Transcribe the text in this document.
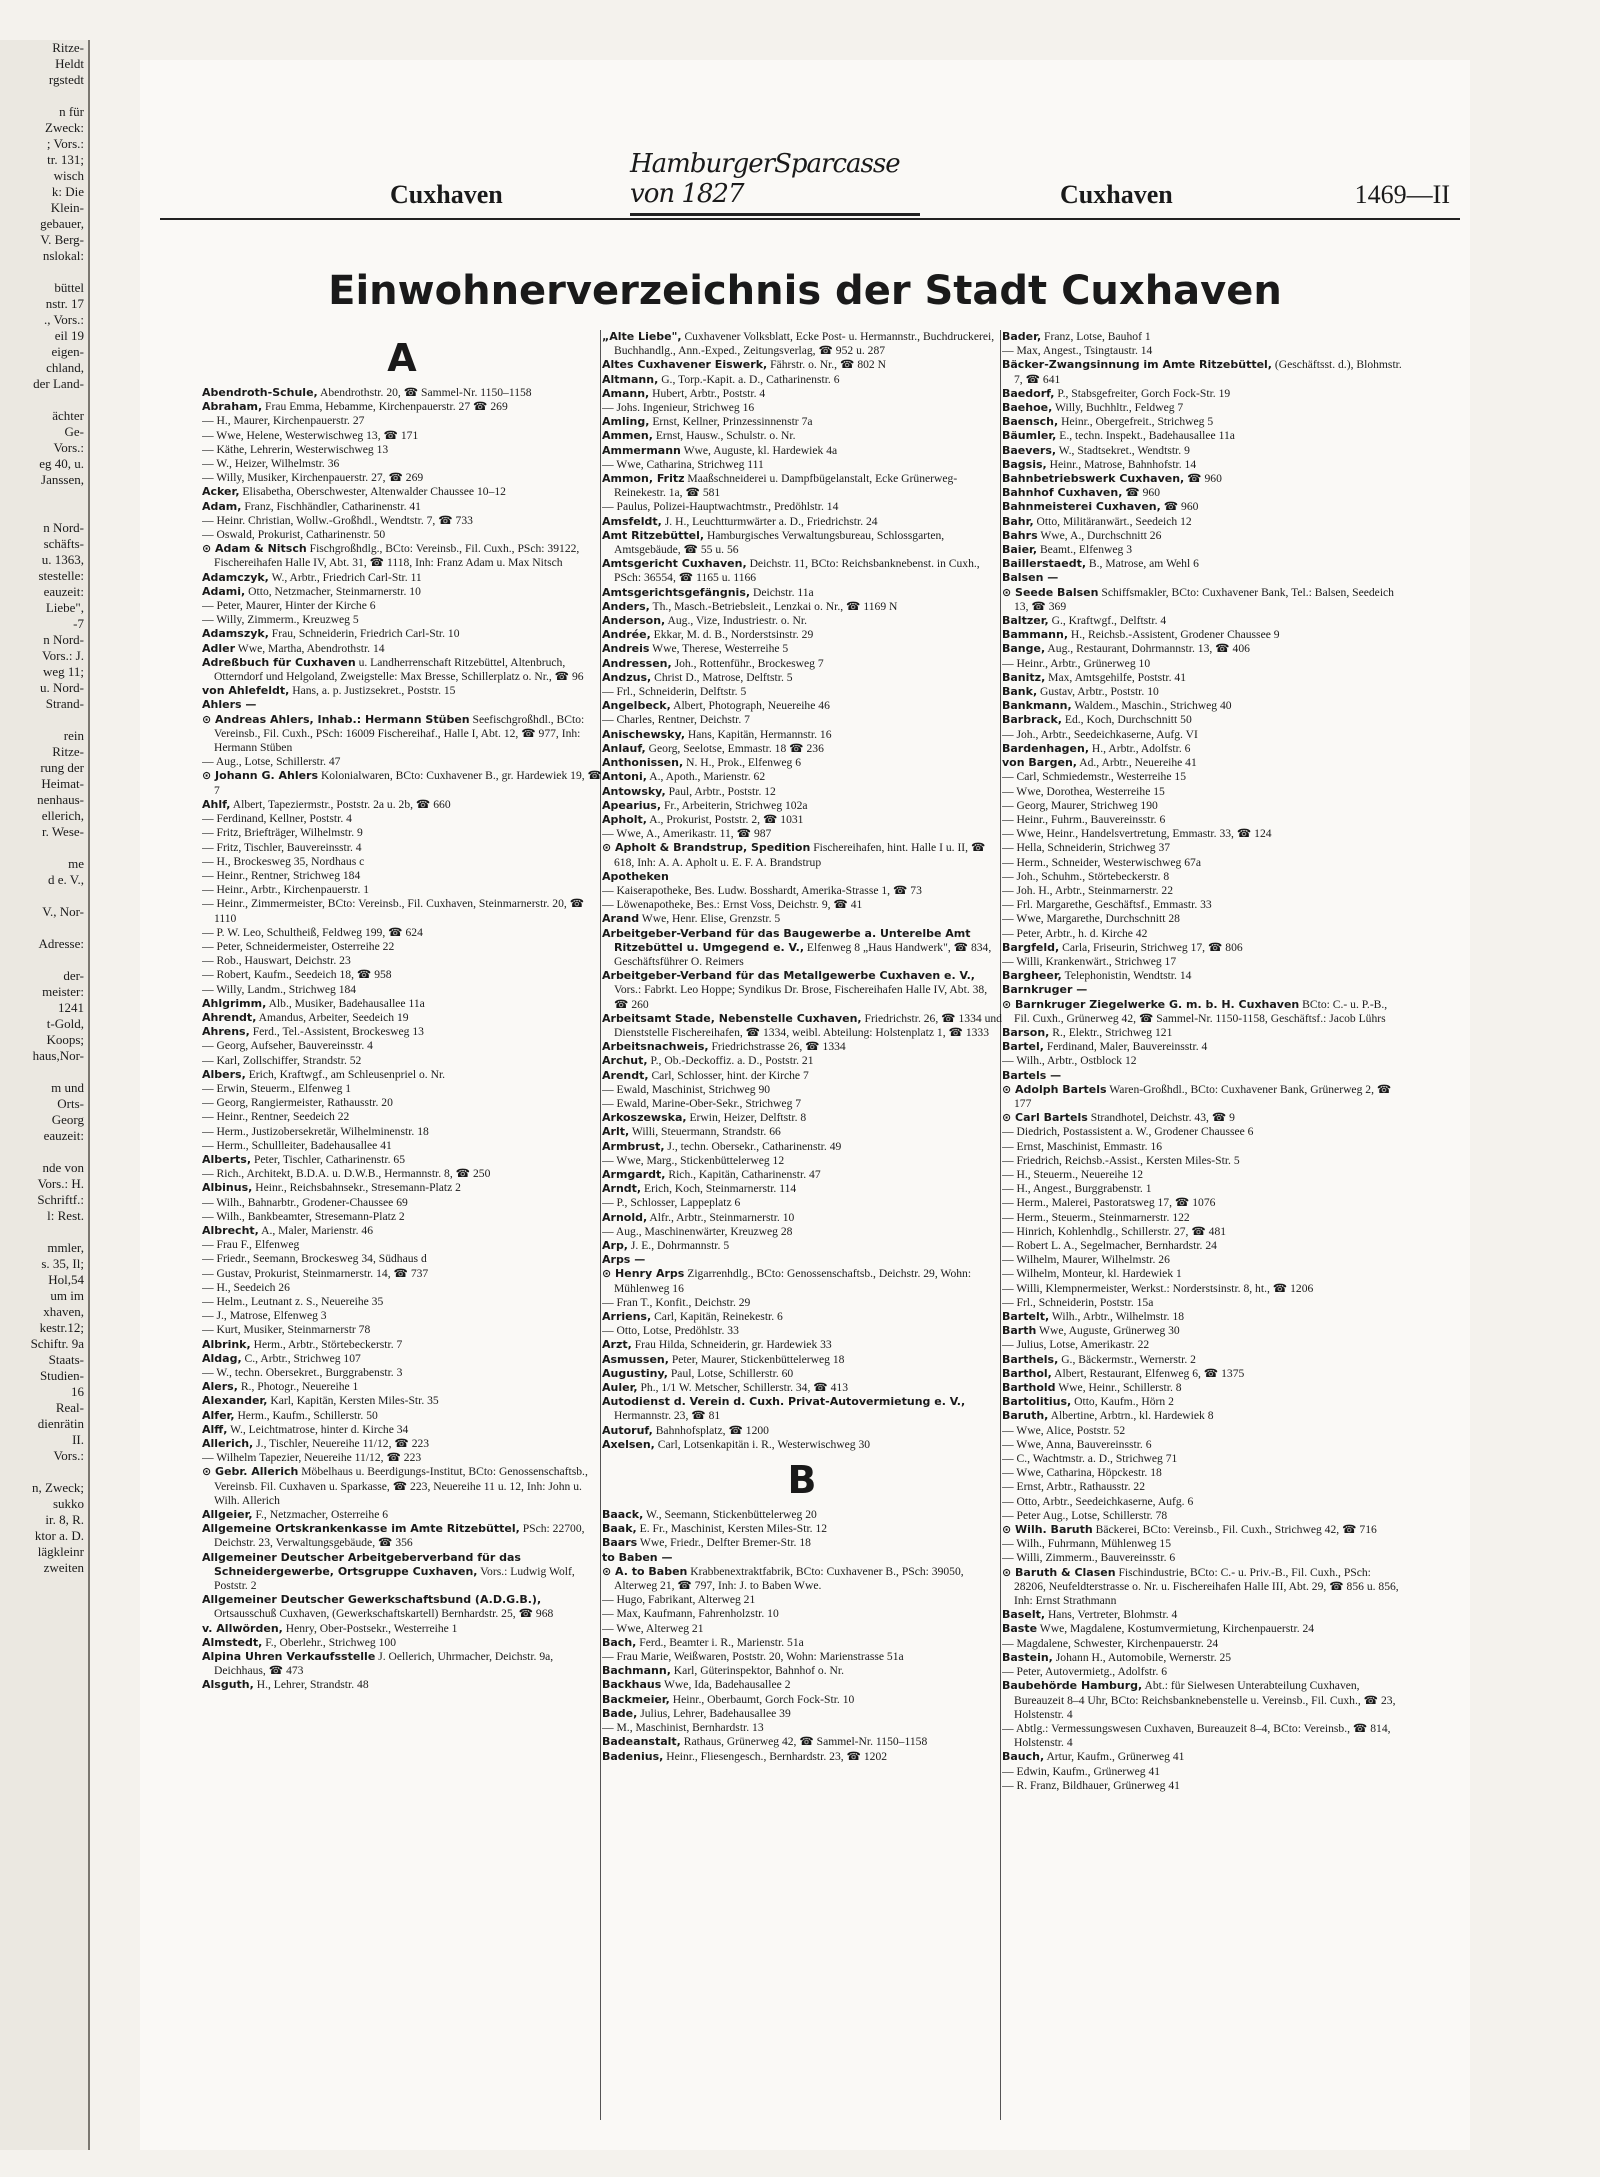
Ritze-
Heldt
rgstedt
n für
Zweck:
; Vors.:
tr. 131;
wisch
k: Die
Klein-
gebauer,
V. Berg-
nslokal:
büttel
nstr. 17
., Vors.:
eil 19
eigen-
chland,
der Land-
ächter
Ge-
Vors.:
eg 40, u.
Janssen,
n Nord-
schäfts-
u. 1363,
stestelle:
eauzeit:
Liebe",
-7
n Nord-
Vors.: J.
weg 11;
u. Nord-
Strand-
rein
Ritze-
rung der
Heimat-
nenhaus-
ellerich,
r. Wese-
me
d e. V.,
V., Nor-
Adresse:
der-
meister:
1241
t-Gold,
Koops;
haus,Nor-
m und
Orts-
Georg
eauzeit:
nde von
Vors.: H.
Schriftf.:
l: Rest.
mmler,
s. 35, Il;
Hol,54
um im
xhaven,
kestr.12;
Schiftr. 9a
Staats-
Studien-
16
Real-
dienrätin
II.
Vors.:
n, Zweck;
sukko
ir. 8, R.
ktor a. D.
lägkleinr
zweiten
Cuxhaven
HamburgerSparcasse von 1827	Cuxhaven	1469—II
Einwohnerverzeichnis der Stadt Cuxhaven
A

Abendroth-Schule, Abendrothstr. 20, ☎ Sammel-Nr. 1150–1158

Abraham, Frau Emma, Hebamme, Kirchenpauerstr. 27 ☎ 269

— H., Maurer, Kirchenpauerstr. 27

— Wwe, Helene, Westerwischweg 13, ☎ 171

— Käthe, Lehrerin, Westerwischweg 13

— W., Heizer, Wilhelmstr. 36

— Willy, Musiker, Kirchenpauerstr. 27, ☎ 269

Acker, Elisabetha, Oberschwester, Altenwalder Chaussee 10–12

Adam, Franz, Fischhändler, Catharinenstr. 41

— Heinr. Christian, Wollw.-Großhdl., Wendtstr. 7, ☎ 733

— Oswald, Prokurist, Catharinenstr. 50

⊙ Adam & Nitsch Fischgroßhdlg., BCto: Vereinsb., Fil. Cuxh., PSch: 39122, Fischereihafen Halle IV, Abt. 31, ☎ 1118, Inh: Franz Adam u. Max Nitsch

Adamczyk, W., Arbtr., Friedrich Carl-Str. 11

Adami, Otto, Netzmacher, Steinmarnerstr. 10

— Peter, Maurer, Hinter der Kirche 6

— Willy, Zimmerm., Kreuzweg 5

Adamszyk, Frau, Schneiderin, Friedrich Carl-Str. 10

Adler Wwe, Martha, Abendrothstr. 14

Adreßbuch für Cuxhaven u. Landherrenschaft Ritzebüttel, Altenbruch, Otterndorf und Helgoland, Zweigstelle: Max Bresse, Schillerplatz o. Nr., ☎ 96

von Ahlefeldt, Hans, a. p. Justizsekret., Poststr. 15

Ahlers —

⊙ Andreas Ahlers, Inhab.: Hermann Stüben Seefischgroßhdl., BCto: Vereinsb., Fil. Cuxh., PSch: 16009 Fischereihaf., Halle I, Abt. 12, ☎ 977, Inh: Hermann Stüben

— Aug., Lotse, Schillerstr. 47

⊙ Johann G. Ahlers Kolonialwaren, BCto: Cuxhavener B., gr. Hardewiek 19, ☎ 7

Ahlf, Albert, Tapeziermstr., Poststr. 2a u. 2b, ☎ 660

— Ferdinand, Kellner, Poststr. 4

— Fritz, Briefträger, Wilhelmstr. 9

— Fritz, Tischler, Bauvereinsstr. 4

— H., Brockesweg 35, Nordhaus c

— Heinr., Rentner, Strichweg 184

— Heinr., Arbtr., Kirchenpauerstr. 1

— Heinr., Zimmermeister, BCto: Vereinsb., Fil. Cuxhaven, Steinmarnerstr. 20, ☎ 1110

— P. W. Leo, Schultheiß, Feldweg 199, ☎ 624

— Peter, Schneidermeister, Osterreihe 22

— Rob., Hauswart, Deichstr. 23

— Robert, Kaufm., Seedeich 18, ☎ 958

— Willy, Landm., Strichweg 184

Ahlgrimm, Alb., Musiker, Badehausallee 11a

Ahrendt, Amandus, Arbeiter, Seedeich 19

Ahrens, Ferd., Tel.-Assistent, Brockesweg 13

— Georg, Aufseher, Bauvereinsstr. 4

— Karl, Zollschiffer, Strandstr. 52

Albers, Erich, Kraftwgf., am Schleusenpriel o. Nr.

— Erwin, Steuerm., Elfenweg 1

— Georg, Rangiermeister, Rathausstr. 20

— Heinr., Rentner, Seedeich 22

— Herm., Justizobersekretär, Wilhelminenstr. 18

— Herm., Schullleiter, Badehausallee 41

Alberts, Peter, Tischler, Catharinenstr. 65

— Rich., Architekt, B.D.A. u. D.W.B., Hermannstr. 8, ☎ 250

Albinus, Heinr., Reichsbahnsekr., Stresemann-Platz 2

— Wilh., Bahnarbtr., Grodener-Chaussee 69

— Wilh., Bankbeamter, Stresemann-Platz 2

Albrecht, A., Maler, Marienstr. 46

— Frau F., Elfenweg

— Friedr., Seemann, Brockesweg 34, Südhaus d

— Gustav, Prokurist, Steinmarnerstr. 14, ☎ 737

— H., Seedeich 26

— Helm., Leutnant z. S., Neuereihe 35

— J., Matrose, Elfenweg 3

— Kurt, Musiker, Steinmarnerstr 78

Albrink, Herm., Arbtr., Störtebeckerstr. 7

Aldag, C., Arbtr., Strichweg 107

— W., techn. Obersekret., Burggrabenstr. 3

Alers, R., Photogr., Neuereihe 1

Alexander, Karl, Kapitän, Kersten Miles-Str. 35

Alfer, Herm., Kaufm., Schillerstr. 50

Alff, W., Leichtmatrose, hinter d. Kirche 34

Allerich, J., Tischler, Neuereihe 11/12, ☎ 223

— Wilhelm Tapezier, Neuereihe 11/12, ☎ 223

⊙ Gebr. Allerich Möbelhaus u. Beerdigungs-Institut, BCto: Genossenschaftsb., Vereinsb. Fil. Cuxhaven u. Sparkasse, ☎ 223, Neuereihe 11 u. 12, Inh: John u. Wilh. Allerich

Allgeier, F., Netzmacher, Osterreihe 6

Allgemeine Ortskrankenkasse im Amte Ritzebüttel, PSch: 22700, Deichstr. 23, Verwaltungsgebäude, ☎ 356

Allgemeiner Deutscher Arbeitgeberverband für das Schneidergewerbe, Ortsgruppe Cuxhaven, Vors.: Ludwig Wolf, Poststr. 2

Allgemeiner Deutscher Gewerkschaftsbund (A.D.G.B.), Ortsausschuß Cuxhaven, (Gewerkschaftskartell) Bernhardstr. 25, ☎ 968

v. Allwörden, Henry, Ober-Postsekr., Westerreihe 1

Almstedt, F., Oberlehr., Strichweg 100

Alpina Uhren Verkaufsstelle J. Oellerich, Uhrmacher, Deichstr. 9a, Deichhaus, ☎ 473

Alsguth, H., Lehrer, Strandstr. 48

„Alte Liebe", Cuxhavener Volksblatt, Ecke Post- u. Hermannstr., Buchdruckerei, Buchhandlg., Ann.-Exped., Zeitungsverlag, ☎ 952 u. 287

Altes Cuxhavener Eiswerk, Fährstr. o. Nr., ☎ 802 N

Altmann, G., Torp.-Kapit. a. D., Catharinenstr. 6

Amann, Hubert, Arbtr., Poststr. 4

— Johs. Ingenieur, Strichweg 16

Amling, Ernst, Kellner, Prinzessinnenstr 7a

Ammen, Ernst, Hausw., Schulstr. o. Nr.

Ammermann Wwe, Auguste, kl. Hardewiek 4a

— Wwe, Catharina, Strichweg 111

Ammon, Fritz Maaßschneiderei u. Dampfbügelanstalt, Ecke Grünerweg-Reinekestr. 1a, ☎ 581

— Paulus, Polizei-Hauptwachtmstr., Predöhlstr. 14

Amsfeldt, J. H., Leuchtturmwärter a. D., Friedrichstr. 24

Amt Ritzebüttel, Hamburgisches Verwaltungsbureau, Schlossgarten, Amtsgebäude, ☎ 55 u. 56

Amtsgericht Cuxhaven, Deichstr. 11, BCto: Reichsbanknebenst. in Cuxh., PSch: 36554, ☎ 1165 u. 1166

Amtsgerichtsgefängnis, Deichstr. 11a

Anders, Th., Masch.-Betriebsleit., Lenzkai o. Nr., ☎ 1169 N

Anderson, Aug., Vize, Industriestr. o. Nr.

Andrée, Ekkar, M. d. B., Norderstsinstr. 29

Andreis Wwe, Therese, Westerreihe 5

Andressen, Joh., Rottenführ., Brockesweg 7

Andzus, Christ D., Matrose, Delftstr. 5

— Frl., Schneiderin, Delftstr. 5

Angelbeck, Albert, Photograph, Neuereihe 46

— Charles, Rentner, Deichstr. 7

Anischewsky, Hans, Kapitän, Hermannstr. 16

Anlauf, Georg, Seelotse, Emmastr. 18 ☎ 236

Anthonissen, N. H., Prok., Elfenweg 6

Antoni, A., Apoth., Marienstr. 62

Antowsky, Paul, Arbtr., Poststr. 12

Apearius, Fr., Arbeiterin, Strichweg 102a

Apholt, A., Prokurist, Poststr. 2, ☎ 1031

— Wwe, A., Amerikastr. 11, ☎ 987

⊙ Apholt & Brandstrup, Spedition Fischereihafen, hint. Halle I u. II, ☎ 618, Inh: A. A. Apholt u. E. F. A. Brandstrup

Apotheken

— Kaiserapotheke, Bes. Ludw. Bosshardt, Amerika-Strasse 1, ☎ 73

— Löwenapotheke, Bes.: Ernst Voss, Deichstr. 9, ☎ 41

Arand Wwe, Henr. Elise, Grenzstr. 5

Arbeitgeber-Verband für das Baugewerbe a. Unterelbe Amt Ritzebüttel u. Umgegend e. V., Elfenweg 8 „Haus Handwerk", ☎ 834, Geschäftsführer O. Reimers

Arbeitgeber-Verband für das Metallgewerbe Cuxhaven e. V., Vors.: Fabrkt. Leo Hoppe; Syndikus Dr. Brose, Fischereihafen Halle IV, Abt. 38, ☎ 260

Arbeitsamt Stade, Nebenstelle Cuxhaven, Friedrichstr. 26, ☎ 1334 und Dienststelle Fischereihafen, ☎ 1334, weibl. Abteilung: Holstenplatz 1, ☎ 1333

Arbeitsnachweis, Friedrichstrasse 26, ☎ 1334

Archut, P., Ob.-Deckoffiz. a. D., Poststr. 21

Arendt, Carl, Schlosser, hint. der Kirche 7

— Ewald, Maschinist, Strichweg 90

— Ewald, Marine-Ober-Sekr., Strichweg 7

Arkoszewska, Erwin, Heizer, Delftstr. 8

Arlt, Willi, Steuermann, Strandstr. 66

Armbrust, J., techn. Obersekr., Catharinenstr. 49

— Wwe, Marg., Stickenbüttelerweg 12

Armgardt, Rich., Kapitän, Catharinenstr. 47

Arndt, Erich, Koch, Steinmarnerstr. 114

— P., Schlosser, Lappeplatz 6

Arnold, Alfr., Arbtr., Steinmarnerstr. 10

— Aug., Maschinenwärter, Kreuzweg 28

Arp, J. E., Dohrmannstr. 5

Arps —

⊙ Henry Arps Zigarrenhdlg., BCto: Genossenschaftsb., Deichstr. 29, Wohn: Mühlenweg 16

— Fran T., Konfit., Deichstr. 29

Arriens, Carl, Kapitän, Reinekestr. 6

— Otto, Lotse, Predöhlstr. 33

Arzt, Frau Hilda, Schneiderin, gr. Hardewiek 33

Asmussen, Peter, Maurer, Stickenbüttelerweg 18

Augustiny, Paul, Lotse, Schillerstr. 60

Auler, Ph., 1/1 W. Metscher, Schillerstr. 34, ☎ 413

Autodienst d. Verein d. Cuxh. Privat-Autovermietung e. V., Hermannstr. 23, ☎ 81

Autoruf, Bahnhofsplatz, ☎ 1200

Axelsen, Carl, Lotsenkapitän i. R., Westerwischweg 30

B

Baack, W., Seemann, Stickenbüttelerweg 20

Baak, E. Fr., Maschinist, Kersten Miles-Str. 12

Baars Wwe, Friedr., Delfter Bremer-Str. 18

to Baben —

⊙ A. to Baben Krabbenextraktfabrik, BCto: Cuxhavener B., PSch: 39050, Alterweg 21, ☎ 797, Inh: J. to Baben Wwe.

— Hugo, Fabrikant, Alterweg 21

— Max, Kaufmann, Fahrenholzstr. 10

— Wwe, Alterweg 21

Bach, Ferd., Beamter i. R., Marienstr. 51a

— Frau Marie, Weißwaren, Poststr. 20, Wohn: Marienstrasse 51a

Bachmann, Karl, Güterinspektor, Bahnhof o. Nr.

Backhaus Wwe, Ida, Badehausallee 2

Backmeier, Heinr., Oberbaumt, Gorch Fock-Str. 10

Bade, Julius, Lehrer, Badehausallee 39

— M., Maschinist, Bernhardstr. 13

Badeanstalt, Rathaus, Grünerweg 42, ☎ Sammel-Nr. 1150–1158

Badenius, Heinr., Fliesengesch., Bernhardstr. 23, ☎ 1202

Bader, Franz, Lotse, Bauhof 1

— Max, Angest., Tsingtaustr. 14

Bäcker-Zwangsinnung im Amte Ritzebüttel, (Geschäftsst. d.), Blohmstr. 7, ☎ 641

Baedorf, P., Stabsgefreiter, Gorch Fock-Str. 19

Baehoe, Willy, Buchhltr., Feldweg 7

Baensch, Heinr., Obergefreit., Strichweg 5

Bäumler, E., techn. Inspekt., Badehausallee 11a

Baevers, W., Stadtsekret., Wendtstr. 9

Bagsis, Heinr., Matrose, Bahnhofstr. 14

Bahnbetriebswerk Cuxhaven, ☎ 960

Bahnhof Cuxhaven, ☎ 960

Bahnmeisterei Cuxhaven, ☎ 960

Bahr, Otto, Militäranwärt., Seedeich 12

Bahrs Wwe, A., Durchschnitt 26

Baier, Beamt., Elfenweg 3

Baillerstaedt, B., Matrose, am Wehl 6

Balsen —

⊙ Seede Balsen Schiffsmakler, BCto: Cuxhavener Bank, Tel.: Balsen, Seedeich 13, ☎ 369

Baltzer, G., Kraftwgf., Delftstr. 4

Bammann, H., Reichsb.-Assistent, Grodener Chaussee 9

Bange, Aug., Restaurant, Dohrmannstr. 13, ☎ 406

— Heinr., Arbtr., Grünerweg 10

Banitz, Max, Amtsgehilfe, Poststr. 41

Bank, Gustav, Arbtr., Poststr. 10

Bankmann, Waldem., Maschin., Strichweg 40

Barbrack, Ed., Koch, Durchschnitt 50

— Joh., Arbtr., Seedeichkaserne, Aufg. VI

Bardenhagen, H., Arbtr., Adolfstr. 6

von Bargen, Ad., Arbtr., Neuereihe 41

— Carl, Schmiedemstr., Westerreihe 15

— Wwe, Dorothea, Westerreihe 15

— Georg, Maurer, Strichweg 190

— Heinr., Fuhrm., Bauvereinsstr. 6

— Wwe, Heinr., Handelsvertretung, Emmastr. 33, ☎ 124

— Hella, Schneiderin, Strichweg 37

— Herm., Schneider, Westerwischweg 67a

— Joh., Schuhm., Störtebeckerstr. 8

— Joh. H., Arbtr., Steinmarnerstr. 22

— Frl. Margarethe, Geschäftsf., Emmastr. 33

— Wwe, Margarethe, Durchschnitt 28

— Peter, Arbtr., h. d. Kirche 42

Bargfeld, Carla, Friseurin, Strichweg 17, ☎ 806

— Willi, Krankenwärt., Strichweg 17

Bargheer, Telephonistin, Wendtstr. 14

Barnkruger —

⊙ Barnkruger Ziegelwerke G. m. b. H. Cuxhaven BCto: C.- u. P.-B., Fil. Cuxh., Grünerweg 42, ☎ Sammel-Nr. 1150-1158, Geschäftsf.: Jacob Lührs

Barson, R., Elektr., Strichweg 121

Bartel, Ferdinand, Maler, Bauvereinsstr. 4

— Wilh., Arbtr., Ostblock 12

Bartels —

⊙ Adolph Bartels Waren-Großhdl., BCto: Cuxhavener Bank, Grünerweg 2, ☎ 177

⊙ Carl Bartels Strandhotel, Deichstr. 43, ☎ 9

— Diedrich, Postassistent a. W., Grodener Chaussee 6

— Ernst, Maschinist, Emmastr. 16

— Friedrich, Reichsb.-Assist., Kersten Miles-Str. 5

— H., Steuerm., Neuereihe 12

— H., Angest., Burggrabenstr. 1

— Herm., Malerei, Pastoratsweg 17, ☎ 1076

— Herm., Steuerm., Steinmarnerstr. 122

— Hinrich, Kohlenhdlg., Schillerstr. 27, ☎ 481

— Robert L. A., Segelmacher, Bernhardstr. 24

— Wilhelm, Maurer, Wilhelmstr. 26

— Wilhelm, Monteur, kl. Hardewiek 1

— Willi, Klempnermeister, Werkst.: Norderstsinstr. 8, ht., ☎ 1206

— Frl., Schneiderin, Poststr. 15a

Bartelt, Wilh., Arbtr., Wilhelmstr. 18

Barth Wwe, Auguste, Grünerweg 30

— Julius, Lotse, Amerikastr. 22

Barthels, G., Bäckermstr., Wernerstr. 2

Barthol, Albert, Restaurant, Elfenweg 6, ☎ 1375

Barthold Wwe, Heinr., Schillerstr. 8

Bartolitius, Otto, Kaufm., Hörn 2

Baruth, Albertine, Arbtrn., kl. Hardewiek 8

— Wwe, Alice, Poststr. 52

— Wwe, Anna, Bauvereinsstr. 6

— C., Wachtmstr. a. D., Strichweg 71

— Wwe, Catharina, Höpckestr. 18

— Ernst, Arbtr., Rathausstr. 22

— Otto, Arbtr., Seedeichkaserne, Aufg. 6

— Peter Aug., Lotse, Schillerstr. 78

⊙ Wilh. Baruth Bäckerei, BCto: Vereinsb., Fil. Cuxh., Strichweg 42, ☎ 716

— Wilh., Fuhrmann, Mühlenweg 15

— Willi, Zimmerm., Bauvereinsstr. 6

⊙ Baruth & Clasen Fischindustrie, BCto: C.- u. Priv.-B., Fil. Cuxh., PSch: 28206, Neufeldterstrasse o. Nr. u. Fischereihafen Halle III, Abt. 29, ☎ 856 u. 856, Inh: Ernst Strathmann

Baselt, Hans, Vertreter, Blohmstr. 4

Baste Wwe, Magdalene, Kostumvermietung, Kirchenpauerstr. 24

— Magdalene, Schwester, Kirchenpauerstr. 24

Bastein, Johann H., Automobile, Wernerstr. 25

— Peter, Autovermietg., Adolfstr. 6

Baubehörde Hamburg, Abt.: für Sielwesen Unterabteilung Cuxhaven, Bureauzeit 8–4 Uhr, BCto: Reichsbanknebenstelle u. Vereinsb., Fil. Cuxh., ☎ 23, Holstenstr. 4

— Abtlg.: Vermessungswesen Cuxhaven, Bureauzeit 8–4, BCto: Vereinsb., ☎ 814, Holstenstr. 4

Bauch, Artur, Kaufm., Grünerweg 41

— Edwin, Kaufm., Grünerweg 41

— R. Franz, Bildhauer, Grünerweg 41
